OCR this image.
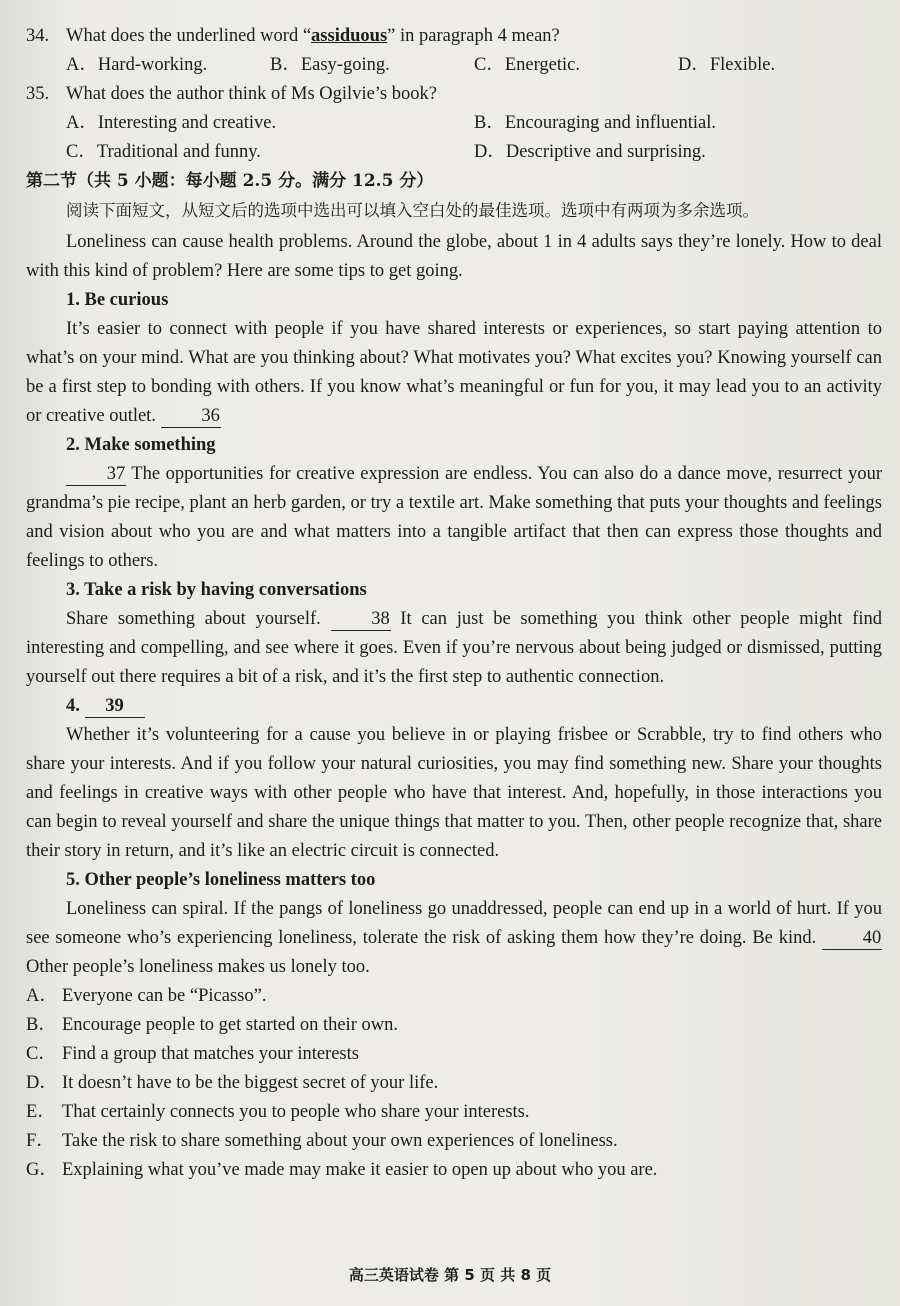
34. What does the underlined word “assiduous” in paragraph 4 mean?
A．Hard-working.	B．Easy-going.	C．Energetic.	D．Flexible.
35. What does the author think of Ms Ogilvie’s book?
A．Interesting and creative.	B．Encouraging and influential.
C．Traditional and funny.	D．Descriptive and surprising.
第二节（共 5 小题：每小题 2.5 分。满分 12.5 分）

阅读下面短文，从短文后的选项中选出可以填入空白处的最佳选项。选项中有两项为多余选项。

Loneliness can cause health problems. Around the globe, about 1 in 4 adults says they’re lonely. How to deal with this kind of problem? Here are some tips to get going.

1. Be curious

It’s easier to connect with people if you have shared interests or experiences, so start paying attention to what’s on your mind. What are you thinking about? What motivates you? What excites you? Knowing yourself can be a first step to bonding with others. If you know what’s meaningful or fun for you, it may lead you to an activity or creative outlet. 36

2. Make something

37 The opportunities for creative expression are endless. You can also do a dance move, resurrect your grandma’s pie recipe, plant an herb garden, or try a textile art. Make something that puts your thoughts and feelings and vision about who you are and what matters into a tangible artifact that then can express those thoughts and feelings to others.

3. Take a risk by having conversations

Share something about yourself.	38 It can just be something you think other people might find interesting and compelling, and see where it goes. Even if you’re nervous about being judged or dismissed, putting yourself out there requires a bit of a risk, and it’s the first step to authentic connection.

4. 39

Whether it’s volunteering for a cause you believe in or playing frisbee or Scrabble, try to find others who share your interests. And if you follow your natural curiosities, you may find something new. Share your thoughts and feelings in creative ways with other people who have that interest. And, hopefully, in those interactions you can begin to reveal yourself and share the unique things that matter to you. Then, other people recognize that, share their story in return, and it’s like an electric circuit is connected.

5. Other people’s loneliness matters too

Loneliness can spiral. If the pangs of loneliness go unaddressed, people can end up in a world of hurt. If you see someone who’s experiencing loneliness, tolerate the risk of asking them how they’re doing. Be kind.	40Other people’s loneliness makes us lonely too.

A． Everyone can be “Picasso”.
B． Encourage people to get started on their own.
C． Find a group that matches your interests
D． It doesn’t have to be the biggest secret of your life.
E． That certainly connects you to people who share your interests.
F． Take the risk to share something about your own experiences of loneliness.
G． Explaining what you’ve made may make it easier to open up about who you are.
高三英语试卷 第 5 页 共 8 页
